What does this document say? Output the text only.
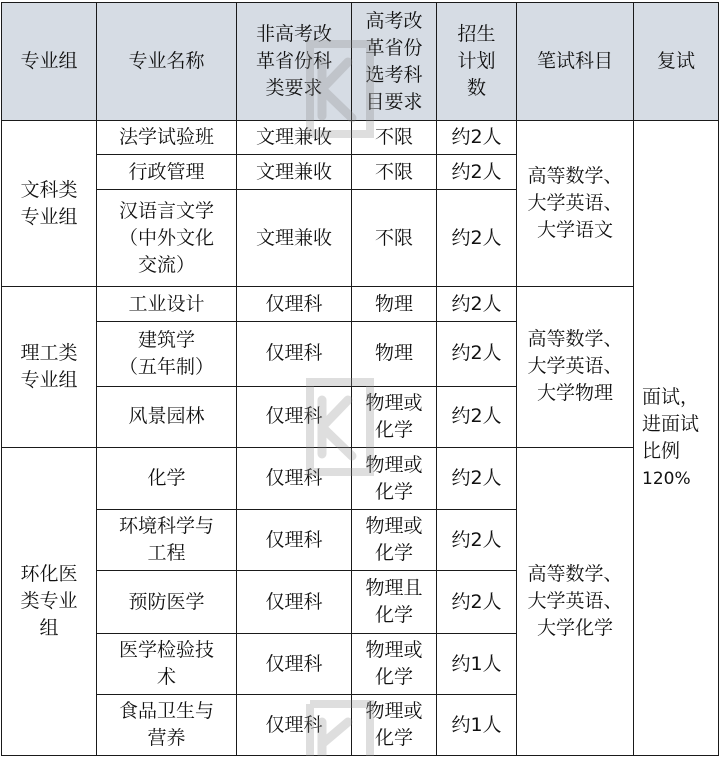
专业组	专业名称	非高考改
革省份科
类要求	高考改
革省份
选考科
目要求	招生
计划
数	笔试科目	复试
文科类
专业组	法学试验班	文理兼收	不限	约2人	高等数学、
大学英语、
大学语文	面试，
进面试
比例
120%
	行政管理	文理兼收	不限	约2人		
	汉语言文学
（中外文化
交流）	文理兼收	不限	约2人		
理工类
专业组	工业设计	仅理科	物理	约2人	高等数学、
大学英语、
大学物理	
	建筑学
（五年制）	仅理科	物理	约2人		
	风景园林	仅理科	物理或
化学	约2人		
环化医
类专业
组	化学	仅理科	物理或
化学	约2人	高等数学、
大学英语、
大学化学	
	环境科学与
工程	仅理科	物理或
化学	约2人		
	预防医学	仅理科	物理且
化学	约2人		
	医学检验技
术	仅理科	物理或
化学	约1人		
	食品卫生与
营养	仅理科	物理或
化学	约1人		
